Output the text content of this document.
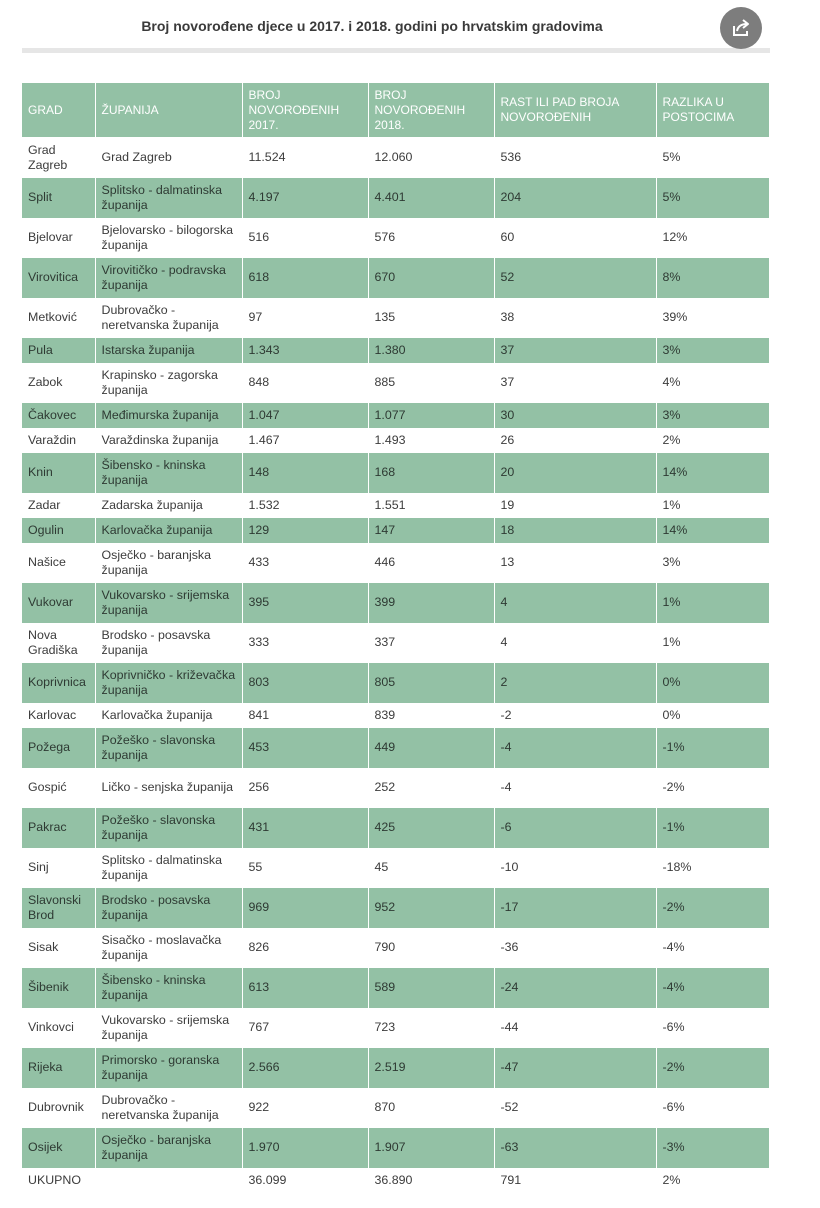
Broj novorođene djece u 2017. i 2018. godini po hrvatskim gradovima
GRAD	ŽUPANIJA	BROJ NOVOROĐENIH 2017.	BROJ NOVOROĐENIH 2018.	RAST ILI PAD BROJA NOVOROĐENIH	RAZLIKA U POSTOCIMA
Grad Zagreb	Grad Zagreb	11.524	12.060	536	5%
Split	Splitsko - dalmatinska županija	4.197	4.401	204	5%
Bjelovar	Bjelovarsko - bilogorska županija	516	576	60	12%
Virovitica	Virovitičko - podravska županija	618	670	52	8%
Metković	Dubrovačko - neretvanska županija	97	135	38	39%
Pula	Istarska županija	1.343	1.380	37	3%
Zabok	Krapinsko - zagorska županija	848	885	37	4%
Čakovec	Međimurska županija	1.047	1.077	30	3%
Varaždin	Varaždinska županija	1.467	1.493	26	2%
Knin	Šibensko - kninska županija	148	168	20	14%
Zadar	Zadarska županija	1.532	1.551	19	1%
Ogulin	Karlovačka županija	129	147	18	14%
Našice	Osječko - baranjska županija	433	446	13	3%
Vukovar	Vukovarsko - srijemska županija	395	399	4	1%
Nova Gradiška	Brodsko - posavska županija	333	337	4	1%
Koprivnica	Koprivničko - križevačka županija	803	805	2	0%
Karlovac	Karlovačka županija	841	839	-2	0%
Požega	Požeško - slavonska županija	453	449	-4	-1%
Gospić	Ličko - senjska županija	256	252	-4	-2%
Pakrac	Požeško - slavonska županija	431	425	-6	-1%
Sinj	Splitsko - dalmatinska županija	55	45	-10	-18%
Slavonski Brod	Brodsko - posavska županija	969	952	-17	-2%
Sisak	Sisačko - moslavačka županija	826	790	-36	-4%
Šibenik	Šibensko - kninska županija	613	589	-24	-4%
Vinkovci	Vukovarsko - srijemska županija	767	723	-44	-6%
Rijeka	Primorsko - goranska županija	2.566	2.519	-47	-2%
Dubrovnik	Dubrovačko - neretvanska županija	922	870	-52	-6%
Osijek	Osječko - baranjska županija	1.970	1.907	-63	-3%
UKUPNO		36.099	36.890	791	2%
